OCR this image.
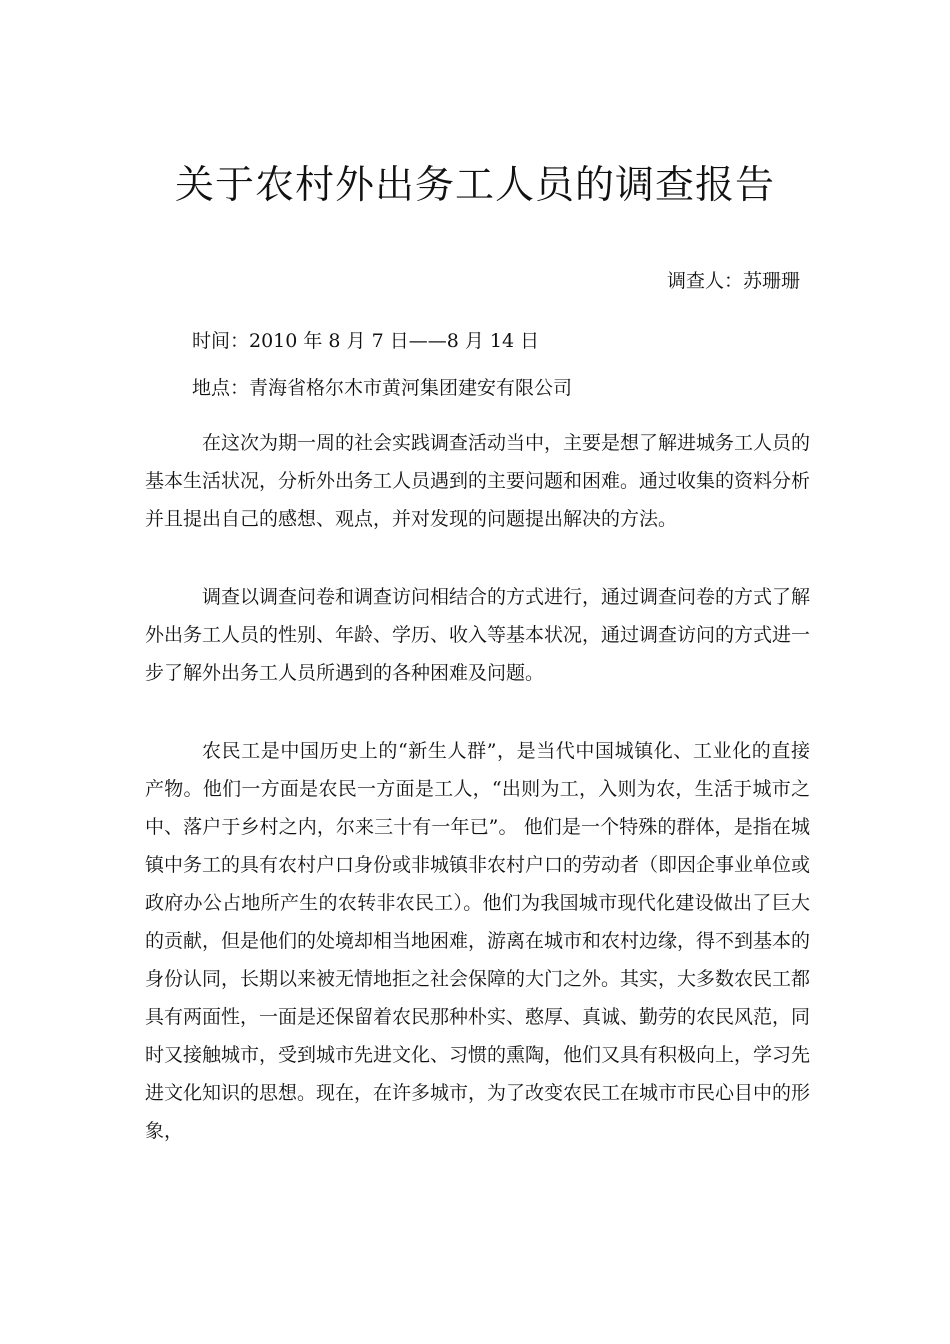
关于农村外出务工人员的调查报告
调查人：苏珊珊
时间：2010 年 8 月 7 日——8 月 14 日
地点：青海省格尔木市黄河集团建安有限公司

在这次为期一周的社会实践调查活动当中，主要是想了解进城务工人员的基本生活状况，分析外出务工人员遇到的主要问题和困难。通过收集的资料分析并且提出自己的感想、观点，并对发现的问题提出解决的方法。

调查以调查问卷和调查访问相结合的方式进行，通过调查问卷的方式了解外出务工人员的性别、年龄、学历、收入等基本状况，通过调查访问的方式进一步了解外出务工人员所遇到的各种困难及问题。

农民工是中国历史上的“新生人群”，是当代中国城镇化、工业化的直接产物。他们一方面是农民一方面是工人，“出则为工，入则为农，生活于城市之中、落户于乡村之内，尔来三十有一年已”。 他们是一个特殊的群体，是指在城镇中务工的具有农村户口身份或非城镇非农村户口的劳动者（即因企事业单位或政府办公占地所产生的农转非农民工）。他们为我国城市现代化建设做出了巨大的贡献，但是他们的处境却相当地困难，游离在城市和农村边缘，得不到基本的身份认同，长期以来被无情地拒之社会保障的大门之外。其实，大多数农民工都具有两面性，一面是还保留着农民那种朴实、憨厚、真诚、勤劳的农民风范，同时又接触城市，受到城市先进文化、习惯的熏陶，他们又具有积极向上，学习先进文化知识的思想。现在，在许多城市，为了改变农民工在城市市民心目中的形象，
